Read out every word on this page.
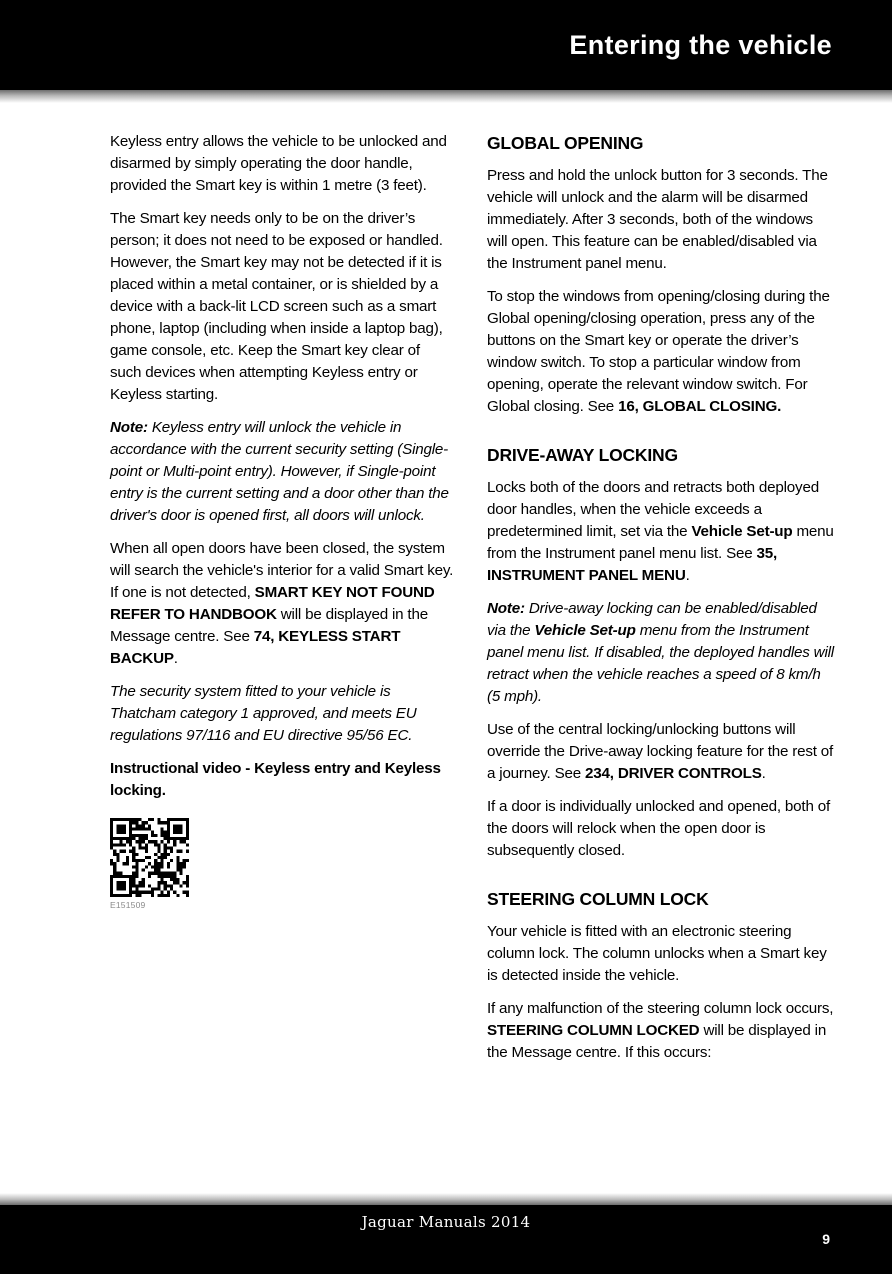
Entering the vehicle

Keyless entry allows the vehicle to be unlocked and disarmed by simply operating the door handle, provided the Smart key is within 1 metre (3 feet).

The Smart key needs only to be on the driver’s person; it does not need to be exposed or handled. However, the Smart key may not be detected if it is placed within a metal container, or is shielded by a device with a back-lit LCD screen such as a smart phone, laptop (including when inside a laptop bag), game console, etc. Keep the Smart key clear of such devices when attempting Keyless entry or Keyless starting.

Note: Keyless entry will unlock the vehicle in accordance with the current security setting (Single-point or Multi-point entry). However, if Single-point entry is the current setting and a door other than the driver's door is opened first, all doors will unlock.

When all open doors have been closed, the system will search the vehicle's interior for a valid Smart key. If one is not detected, SMART KEY NOT FOUND REFER TO HANDBOOK will be displayed in the Message centre. See 74, KEYLESS START BACKUP.

The security system fitted to your vehicle is Thatcham category 1 approved, and meets EU regulations 97/116 and EU directive 95/56 EC.

Instructional video - Keyless entry and Keyless locking.

E151509
GLOBAL OPENING

Press and hold the unlock button for 3 seconds. The vehicle will unlock and the alarm will be disarmed immediately. After 3 seconds, both of the windows will open. This feature can be enabled/disabled via the Instrument panel menu.

To stop the windows from opening/closing during the Global opening/closing operation, press any of the buttons on the Smart key or operate the driver’s window switch. To stop a particular window from opening, operate the relevant window switch. For Global closing. See 16, GLOBAL CLOSING.

DRIVE-AWAY LOCKING

Locks both of the doors and retracts both deployed door handles, when the vehicle exceeds a predetermined limit, set via the Vehicle Set-up menu from the Instrument panel menu list. See 35, INSTRUMENT PANEL MENU.

Note: Drive-away locking can be enabled/disabled via the Vehicle Set-up menu from the Instrument panel menu list. If disabled, the deployed handles will retract when the vehicle reaches a speed of 8 km/h (5 mph).

Use of the central locking/unlocking buttons will override the Drive-away locking feature for the rest of a journey. See 234, DRIVER CONTROLS.

If a door is individually unlocked and opened, both of the doors will relock when the open door is subsequently closed.

STEERING COLUMN LOCK

Your vehicle is fitted with an electronic steering column lock. The column unlocks when a Smart key is detected inside the vehicle.

If any malfunction of the steering column lock occurs, STEERING COLUMN LOCKED will be displayed in the Message centre. If this occurs:

Jaguar Manuals 2014
9
